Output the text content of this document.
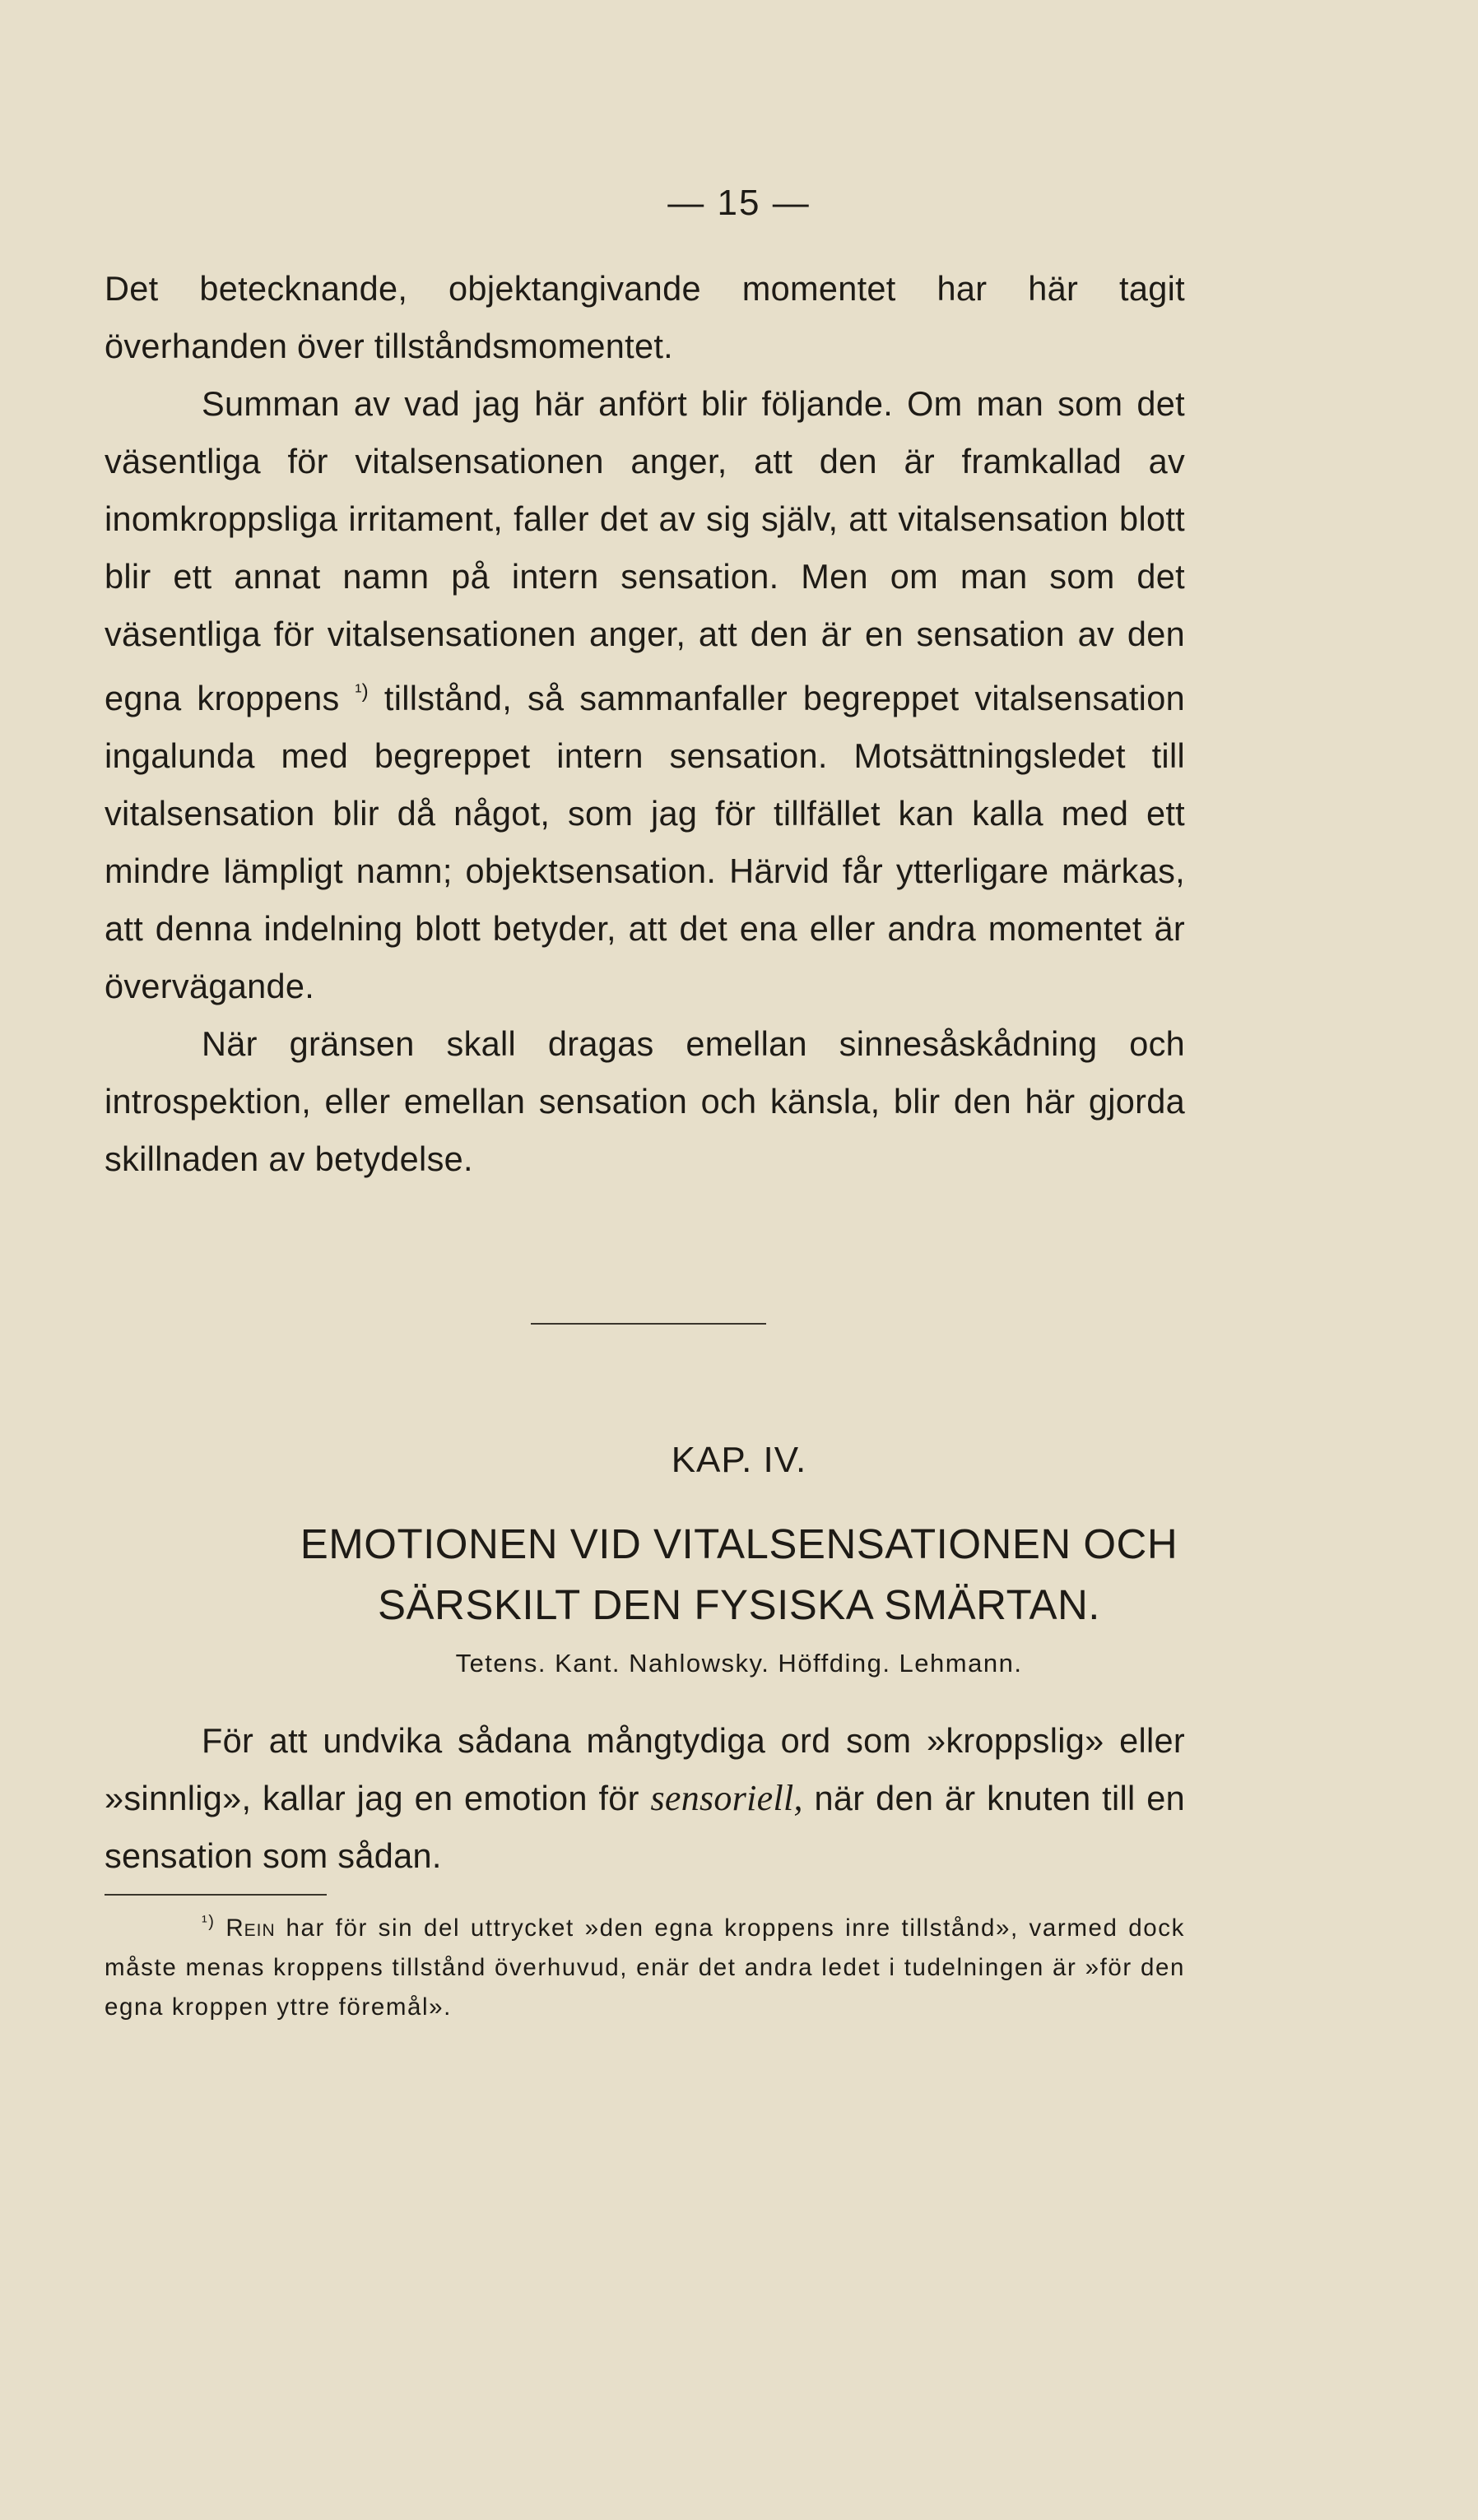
— 15 —

Det betecknande, objektangivande momentet har här tagit överhanden över tillståndsmomentet.

Summan av vad jag här anfört blir följande. Om man som det väsentliga för vitalsensationen anger, att den är framkallad av inomkroppsliga irritament, faller det av sig själv, att vitalsensation blott blir ett annat namn på intern sensation. Men om man som det väsentliga för vitalsensationen anger, att den är en sensation av den egna kroppens $^{^1)}$ tillstånd, så sammanfaller begreppet vitalsensation ingalunda med begreppet intern sensation. Motsättningsledet till vitalsensation blir då något, som jag för tillfället kan kalla med ett mindre lämpligt namn; objektsensation. Härvid får ytterligare märkas, att denna indelning blott betyder, att det ena eller andra momentet är övervägande.

När gränsen skall dragas emellan sinnesåskådning och introspektion, eller emellan sensation och känsla, blir den här gjorda skillnaden av betydelse.

KAP. IV.
EMOTIONEN VID VITALSENSATIONEN OCH
SÄRSKILT DEN FYSISKA SMÄRTAN.
Tetens. Kant. Nahlowsky. Höffding. Lehmann.

För att undvika sådana mångtydiga ord som »kroppslig» eller »sinnlig», kallar jag en emotion för sensoriell, när den är knuten till en sensation som sådan.

$^{^1)}$ Rein har för sin del uttrycket »den egna kroppens inre tillstånd», varmed dock måste menas kroppens tillstånd överhuvud, enär det andra ledet i tudelningen är »för den egna kroppen yttre föremål».
